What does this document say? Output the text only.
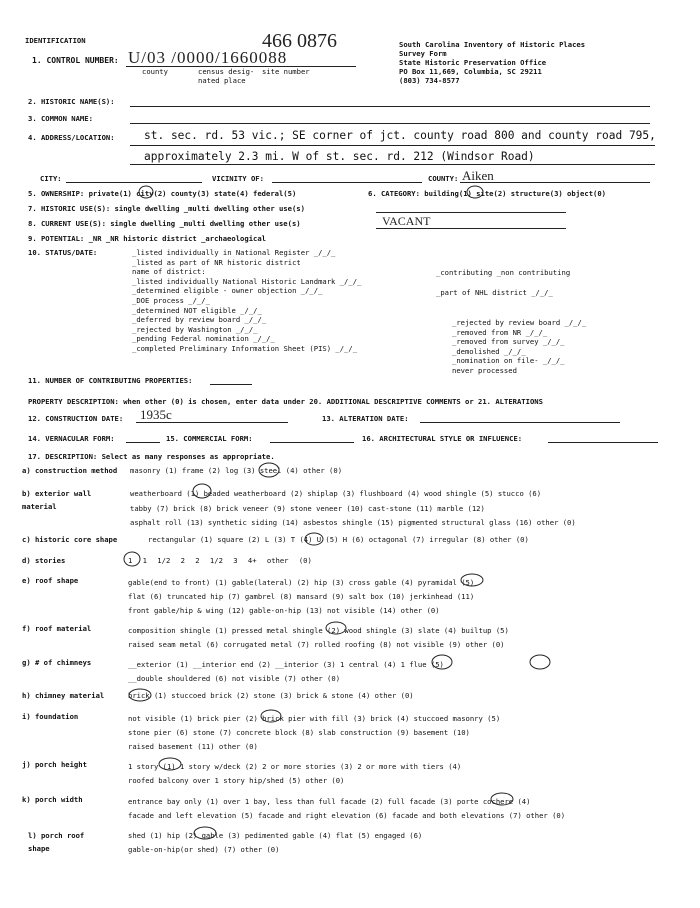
IDENTIFICATION	466 0876
1. CONTROL NUMBER: U/03 /0000/1660088
county	census desig-
nated place
site number
South Carolina Inventory of Historic Places
Survey Form
State Historic Preservation Office
PO Box 11,669, Columbia, SC 29211
(803) 734-8577
2. HISTORIC NAME(S):
3. COMMON NAME:
4. ADDRESS/LOCATION:	st. sec. rd. 53 vic.; SE corner of jct. county road 800 and county road 795,
approximately 2.3 mi. W of st. sec. rd. 212 (Windsor Road)
CITY:	VICINITY OF:	COUNTY: Aiken
5. OWNERSHIP: private(1) city(2) county(3) state(4) federal(5)	6. CATEGORY: building(1) site(2) structure(3) object(0)
7. HISTORIC USE(S): single dwelling _multi dwelling other use(s)
8. CURRENT USE(S): single dwelling _multi dwelling other use(s)	VACANT
9. POTENTIAL: _NR _NR historic district _archaeological
10. STATUS/DATE:	_listed individually in National Register _/_/_
_listed as part of NR historic district
name of district:
_listed individually National Historic Landmark _/_/_
_determined eligible - owner objection _/_/_
_DOE process _/_/_
_determined NOT eligible _/_/_
_deferred by review board _/_/_
_rejected by Washington _/_/_
_pending Federal nomination _/_/_
_completed Preliminary Information Sheet (PIS) _/_/_
_contributing _non contributing
_part of NHL district _/_/_
_rejected by review board _/_/_
_removed from NR _/_/_
_removed from survey _/_/_
_demolished _/_/_
_nomination on file- _/_/_
never processed
11. NUMBER OF CONTRIBUTING PROPERTIES:
PROPERTY DESCRIPTION: when other (0) is chosen, enter data under 20. ADDITIONAL DESCRIPTIVE COMMENTS or 21. ALTERATIONS
12. CONSTRUCTION DATE: 1935c	13. ALTERATION DATE:
14. VERNACULAR FORM:	15. COMMERCIAL FORM:	16. ARCHITECTURAL STYLE OR INFLUENCE:
17. DESCRIPTION: Select as many responses as appropriate.
a) construction method masonry (1) frame (2) log (3) steel (4) other (0)
b) exterior wall material
weatherboard (1) beaded weatherboard (2) shiplap (3) flushboard (4) wood shingle (5) stucco (6)
tabby (7) brick (8) brick veneer (9) stone veneer (10) cast-stone (11) marble (12)
asphalt roll (13) synthetic siding (14) asbestos shingle (15) pigmented structural glass (16) other (0)
c) historic core shape	rectangular (1) square (2) L (3) T (4) U (5) H (6) octagonal (7) irregular (8) other (0)
d) stories	1 1 1/2 2 2 1/2 3 4+ other (0)
e) roof shape	gable(end to front) (1) gable(lateral) (2) hip (3) cross gable (4) pyramidal (5)
flat (6) truncated hip (7) gambrel (8) mansard (9) salt box (10) jerkinhead (11)
front gable/hip & wing (12) gable-on-hip (13) not visible (14) other (0)
f) roof material	composition shingle (1) pressed metal shingle (2) wood shingle (3) slate (4) builtup (5)
raised seam metal (6) corrugated metal (7) rolled roofing (8) not visible (9) other (0)
g) # of chimneys	__exterior (1) __interior end (2) __interior (3) 1 central (4) 1 flue (5)
__double shouldered (6) not visible (7) other (0)
h) chimney material	brick (1) stuccoed brick (2) stone (3) brick & stone (4) other (0)
i) foundation	not visible (1) brick pier (2) brick pier with fill (3) brick (4) stuccoed masonry (5)
stone pier (6) stone (7) concrete block (8) slab construction (9) basement (10)
raised basement (11) other (0)
j) porch height	1 story (1) 1 story w/deck (2) 2 or more stories (3) 2 or more with tiers (4)
roofed balcony over 1 story hip/shed (5) other (0)
k) porch width	entrance bay only (1) over 1 bay, less than full facade (2) full facade (3) porte cochere (4)
facade and left elevation (5) facade and right elevation (6) facade and both elevations (7) other (0)
l) porch roof shape
shed (1) hip (2) gable (3) pedimented gable (4) flat (5) engaged (6)
gable-on-hip(or shed) (7) other (0)
